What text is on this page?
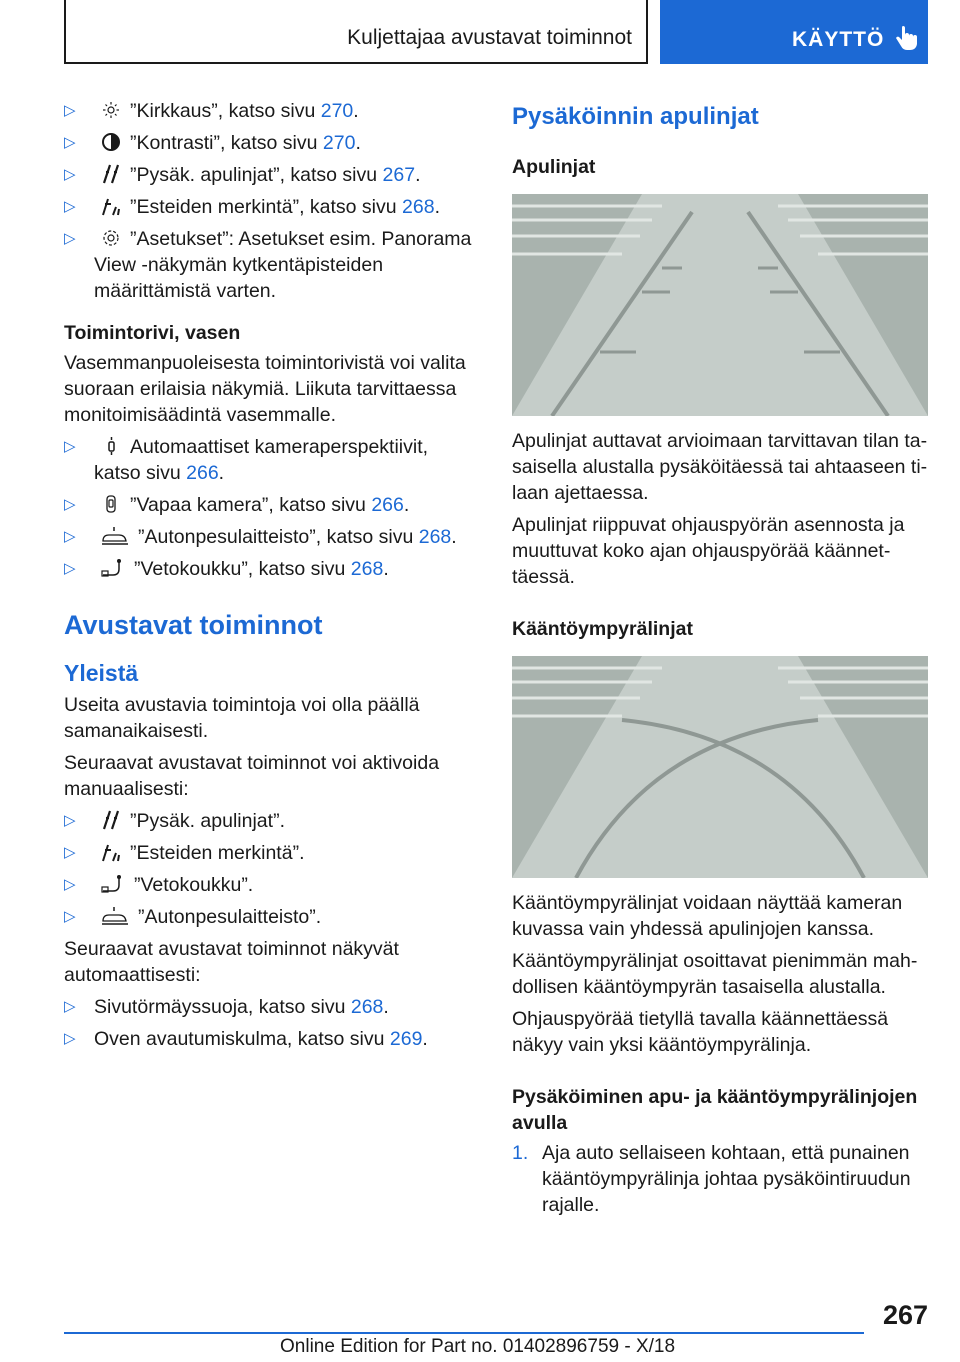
Kuljettajaa avustavat toiminnot	KÄYTTÖ
▷	”Kirkkaus”, katso sivu 270.
▷	”Kontrasti”, katso sivu 270.
▷	”Pysäk. apulinjat”, katso sivu 267.
▷	”Esteiden merkintä”, katso sivu 268.
▷	”Asetukset”: Asetukset esim. Panorama View -näkymän kytkentäpisteiden määrittämistä varten.
Toimintorivi, vasen

Vasemmanpuoleisesta toimintorivistä voi valita suoraan erilaisia näkymiä. Liikuta tarvittaessa monitoimisäädintä vasemmalle.

▷	Automaattiset kameraperspektiivit, katso sivu 266.
▷	”Vapaa kamera”, katso sivu 266.
▷	”Autonpesulaitteisto”, katso sivu 268.
▷	”Vetokoukku”, katso sivu 268.
Avustavat toiminnot
Yleistä

Useita avustavia toimintoja voi olla päällä samanaikaisesti.

Seuraavat avustavat toiminnot voi aktivoida manuaalisesti:

▷	”Pysäk. apulinjat”.
▷	”Esteiden merkintä”.
▷	”Vetokoukku”.
▷	”Autonpesulaitteisto”.

Seuraavat avustavat toiminnot näkyvät automaattisesti:

▷ Sivutörmäyssuoja, katso sivu 268.
▷ Oven avautumiskulma, katso sivu 269.
Pysäköinnin apulinjat
Apulinjat

Apulinjat auttavat arvioimaan tarvittavan tilan tasaisella alustalla pysäköitäessä tai ahtaaseen tilaan ajettaessa.

Apulinjat riippuvat ohjauspyörän asennosta ja muuttuvat koko ajan ohjauspyörää käännettäessä.

Kääntöympyrälinjat

Kääntöympyrälinjat voidaan näyttää kameran kuvassa vain yhdessä apulinjojen kanssa.

Kääntöympyrälinjat osoittavat pienimmän mahdollisen kääntöympyrän tasaisella alustalla.

Ohjauspyörää tietyllä tavalla käännettäessä näkyy vain yksi kääntöympyrälinja.

Pysäköiminen apu- ja kääntöympyrälinjojen avulla
1. Aja auto sellaiseen kohtaan, että punainen kääntöympyrälinja johtaa pysäköintiruudun rajalle.
267
Online Edition for Part no. 01402896759 - X/18
